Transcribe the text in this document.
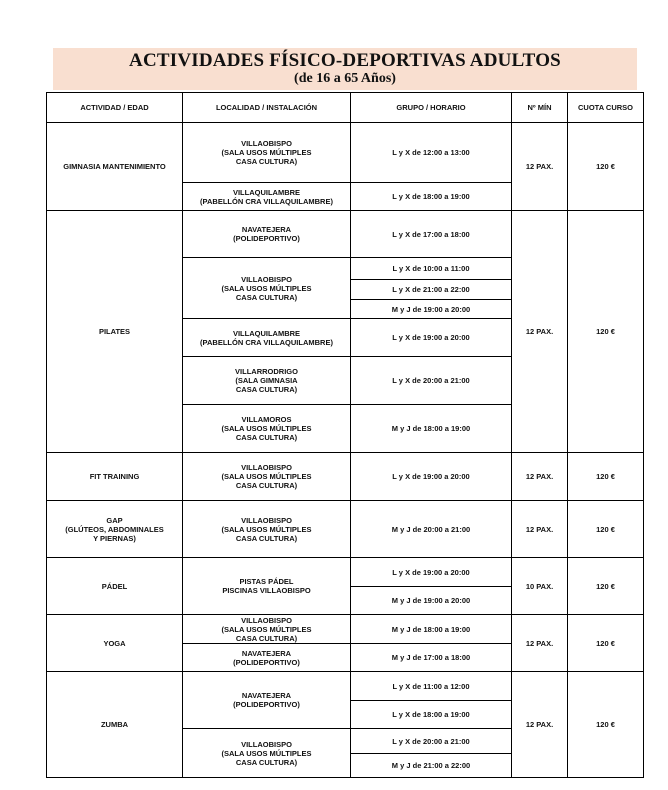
ACTIVIDADES FÍSICO-DEPORTIVAS ADULTOS
(de 16 a 65 Años)
ACTIVIDAD / EDAD	LOCALIDAD / INSTALACIÓN	GRUPO / HORARIO	Nº MÍN	CUOTA CURSO
GIMNASIA MANTENIMIENTO	VILLAOBISPO
(SALA USOS MÚLTIPLES
CASA CULTURA)	L y X de 12:00 a 13:00	12 PAX.	120 €
	VILLAQUILAMBRE
(PABELLÓN CRA VILLAQUILAMBRE)	L y X de 18:00 a 19:00		
PILATES	NAVATEJERA
(POLIDEPORTIVO)	L y X de 17:00 a 18:00	12 PAX.	120 €
	VILLAOBISPO
(SALA USOS MÚLTIPLES
CASA CULTURA)	L y X de 10:00 a 11:00		
		L y X de 21:00 a 22:00		
		M y J de 19:00 a 20:00		
	VILLAQUILAMBRE
(PABELLÓN CRA VILLAQUILAMBRE)	L y X de 19:00 a 20:00		
	VILLARRODRIGO
(SALA GIMNASIA
CASA CULTURA)	L y X de 20:00 a 21:00		
	VILLAMOROS
(SALA USOS MÚLTIPLES
CASA CULTURA)	M y J de 18:00 a 19:00		
FIT TRAINING	VILLAOBISPO
(SALA USOS MÚLTIPLES
CASA CULTURA)	L y X de 19:00 a 20:00	12 PAX.	120 €
GAP
(GLÚTEOS, ABDOMINALES
Y PIERNAS)	VILLAOBISPO
(SALA USOS MÚLTIPLES
CASA CULTURA)	M y J de 20:00 a 21:00	12 PAX.	120 €
PÁDEL	PISTAS PÁDEL
PISCINAS VILLAOBISPO	L y X de 19:00 a 20:00	10 PAX.	120 €
		M y J de 19:00 a 20:00		
YOGA	VILLAOBISPO
(SALA USOS MÚLTIPLES
CASA CULTURA)	M y J de 18:00 a 19:00	12 PAX.	120 €
	NAVATEJERA
(POLIDEPORTIVO)	M y J de 17:00 a 18:00		
ZUMBA	NAVATEJERA
(POLIDEPORTIVO)	L y X de 11:00 a 12:00	12 PAX.	120 €
		L y X de 18:00 a 19:00		
	VILLAOBISPO
(SALA USOS MÚLTIPLES
CASA CULTURA)	L y X de 20:00 a 21:00		
		M y J de 21:00 a 22:00		
